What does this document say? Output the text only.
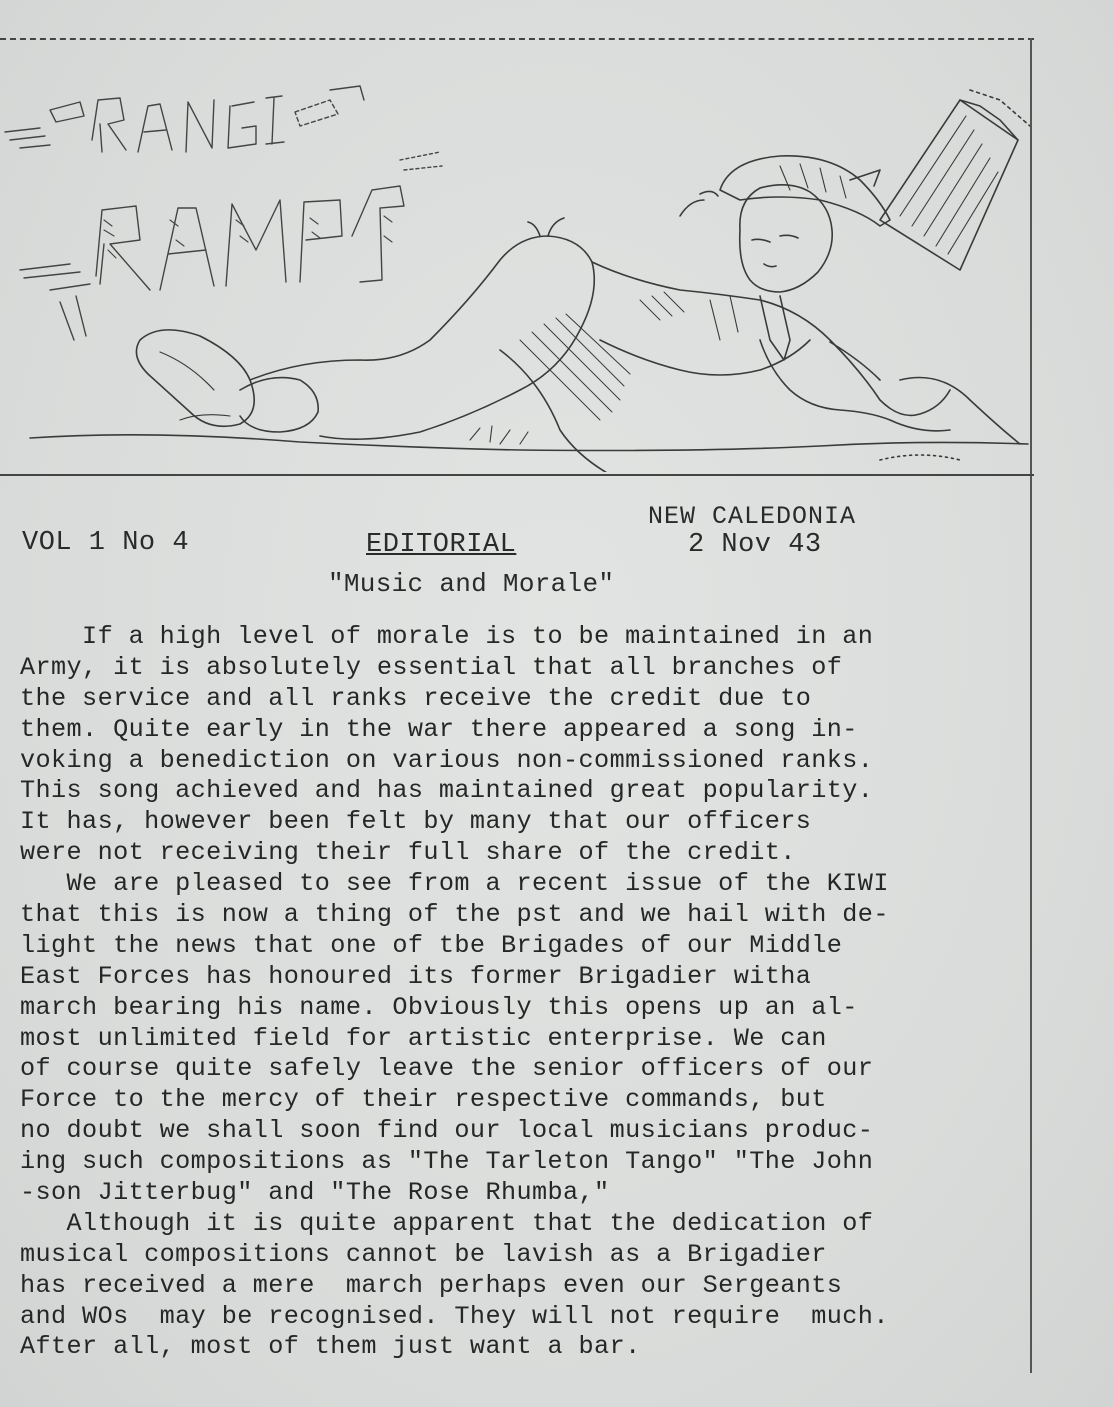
NEW CALEDONIA
VOL 1 No 4	EDITORIAL	2 Nov 43
"Music and Morale"
If a high level of morale is to be maintained in an
Army, it is absolutely essential that all branches of
the service and all ranks receive the credit due to
them. Quite early in the war there appeared a song in-
voking a benediction on various non-commissioned ranks.
This song achieved and has maintained great popularity.
It has, however been felt by many that our officers
were not receiving their full share of the credit.
We are pleased to see from a recent issue of the KIWI
that this is now a thing of the pst and we hail with de-
light the news that one of tbe Brigades of our Middle
East Forces has honoured its former Brigadier witha
march bearing his name. Obviously this opens up an al-
most unlimited field for artistic enterprise. We can
of course quite safely leave the senior officers of our
Force to the mercy of their respective commands, but
no doubt we shall soon find our local musicians produc-
ing such compositions as "The Tarleton Tango" "The John
-son Jitterbug" and "The Rose Rhumba,"
Although it is quite apparent that the dedication of
musical compositions cannot be lavish as a Brigadier
has received a mere  march perhaps even our Sergeants
and WOs  may be recognised. They will not require  much.
After all, most of them just want a bar.
